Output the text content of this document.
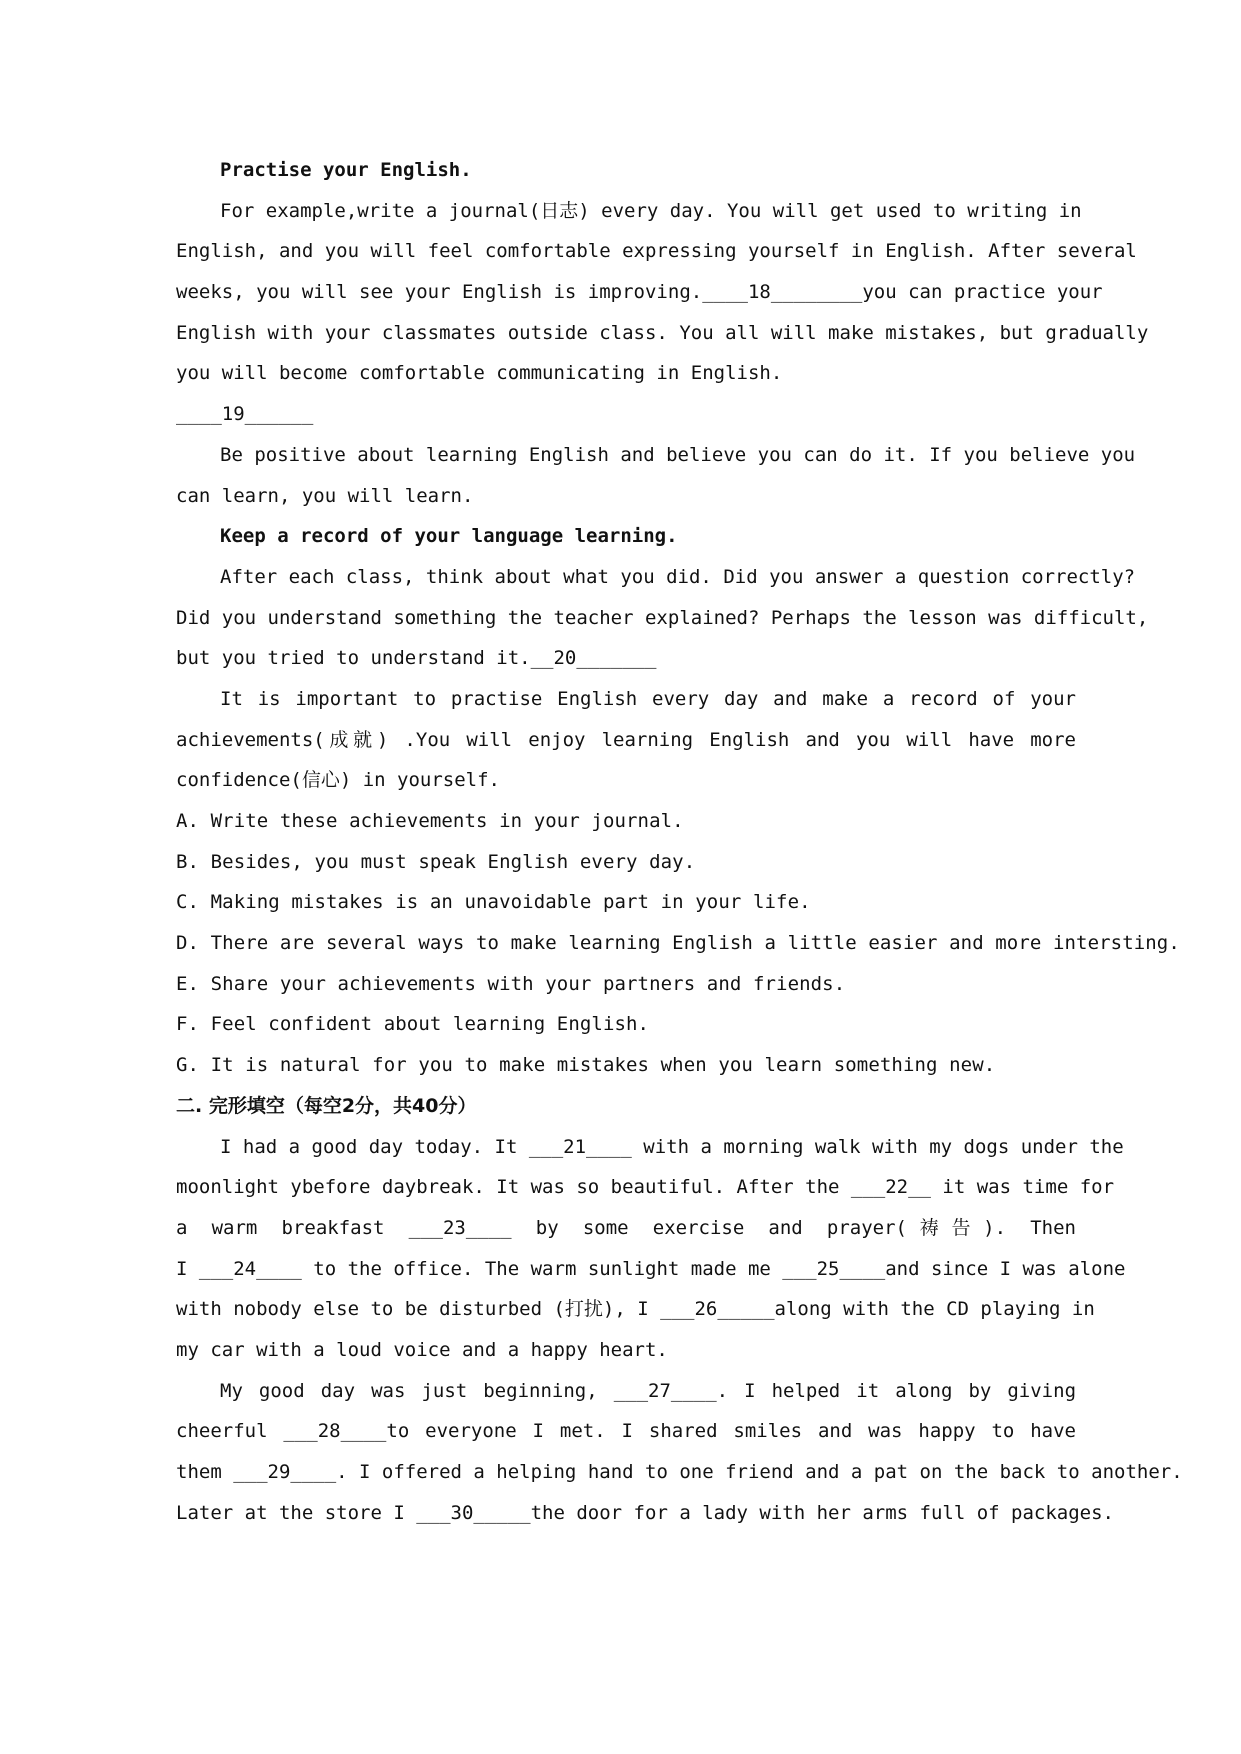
Practise your English.
For example,write a journal(日志) every day. You will get used to writing in
English, and you will feel comfortable expressing yourself in English. After several
weeks, you will see your English is improving.____18________you can practice your
English with your classmates outside class. You all will make mistakes, but gradually
you will become comfortable communicating in English.
____19______
Be positive about learning English and believe you can do it. If you believe you
can learn, you will learn.
Keep a record of your language learning.
After each class, think about what you did. Did you answer a question correctly?
Did you understand something the teacher explained? Perhaps the lesson was difficult,
but you tried to understand it.__20_______
It is important to practise English every day and make a record of your
achievements(成就) .You will enjoy learning English and you will have more
confidence(信心) in yourself.
A. Write these achievements in your journal.
B. Besides, you must speak English every day.
C. Making mistakes is an unavoidable part in your life.
D. There are several ways to make learning English a little easier and more intersting.
E. Share your achievements with your partners and friends.
F. Feel confident about learning English.
G. It is natural for you to make mistakes when you learn something new.
二. 完形填空（每空2分，共40分）
I had a good day today. It ___21____ with a morning walk with my dogs under the
moonlight ybefore daybreak. It was so beautiful. After the ___22__ it was time for
a warm breakfast ___23____ by some exercise and prayer(祷告). Then
I ___24____ to the office. The warm sunlight made me ___25____and since I was alone
with nobody else to be disturbed (打扰), I ___26_____along with the CD playing in
my car with a loud voice and a happy heart.
My good day was just beginning, ___27____. I helped it along by giving
cheerful ___28____to everyone I met. I shared smiles and was happy to have
them ___29____. I offered a helping hand to one friend and a pat on the back to another.
Later at the store I ___30_____the door for a lady with her arms full of packages.
